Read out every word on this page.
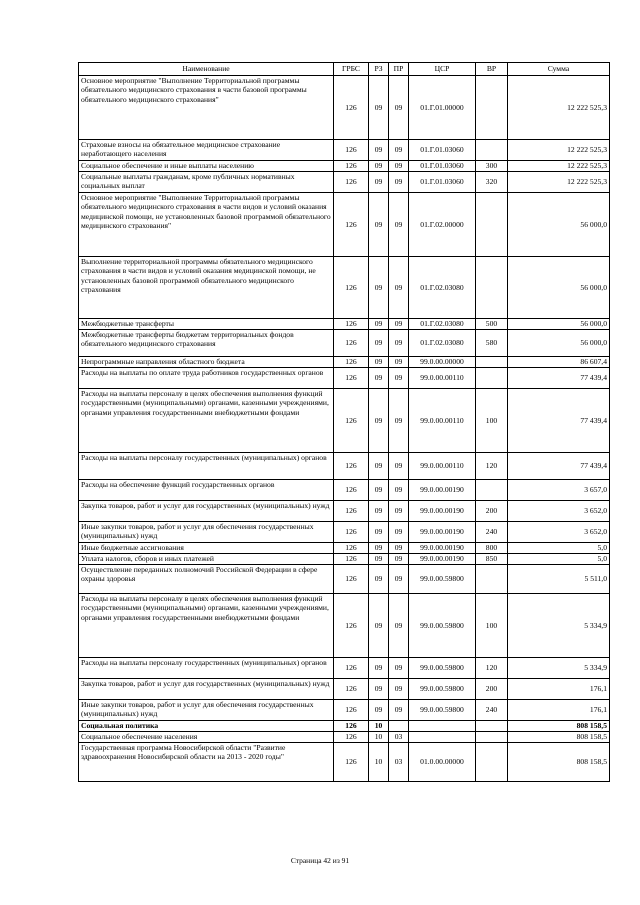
Наименование	ГРБС	РЗ	ПР	ЦСР	ВР	Сумма
Основное мероприятие "Выполнение Территориальной программы обязательного медицинского страхования в части базовой программы обязательного медицинского страхования"	126	09	09	01.Г.01.00000		12 222 525,3
Страховые взносы на обязательное медицинское страхование неработающего населения	126	09	09	01.Г.01.03060		12 222 525,3
Социальное обеспечение и иные выплаты населению	126	09	09	01.Г.01.03060	300	12 222 525,3
Социальные выплаты гражданам, кроме публичных нормативных социальных выплат	126	09	09	01.Г.01.03060	320	12 222 525,3
Основное мероприятие "Выполнение Территориальной программы обязательного медицинского страхования в части видов и условий оказания медицинской помощи, не установленных базовой программой обязательного медицинского страхования"	126	09	09	01.Г.02.00000		56 000,0
Выполнение территориальной программы обязательного медицинского страхования в части видов и условий оказания медицинской помощи, не установленных базовой программой обязательного медицинского страхования	126	09	09	01.Г.02.03080		56 000,0
Межбюджетные трансферты	126	09	09	01.Г.02.03080	500	56 000,0
Межбюджетные трансферты бюджетам территориальных фондов обязательного медицинского страхования	126	09	09	01.Г.02.03080	580	56 000,0
Непрограммные направления областного бюджета	126	09	09	99.0.00.00000		86 607,4
Расходы на выплаты по оплате труда работников государственных органов	126	09	09	99.0.00.00110		77 439,4
Расходы на выплаты персоналу в целях обеспечения выполнения функций государственными (муниципальными) органами, казенными учреждениями, органами управления государственными внебюджетными фондами	126	09	09	99.0.00.00110	100	77 439,4
Расходы на выплаты персоналу государственных (муниципальных) органов	126	09	09	99.0.00.00110	120	77 439,4
Расходы на обеспечение функций государственных органов	126	09	09	99.0.00.00190		3 657,0
Закупка товаров, работ и услуг для государственных (муниципальных) нужд	126	09	09	99.0.00.00190	200	3 652,0
Иные закупки товаров, работ и услуг для обеспечения государственных (муниципальных) нужд	126	09	09	99.0.00.00190	240	3 652,0
Иные бюджетные ассигнования	126	09	09	99.0.00.00190	800	5,0
Уплата налогов, сборов и иных платежей	126	09	09	99.0.00.00190	850	5,0
Осуществление переданных полномочий Российской Федерации в сфере охраны здоровья	126	09	09	99.0.00.59800		5 511,0
Расходы на выплаты персоналу в целях обеспечения выполнения функций государственными (муниципальными) органами, казенными учреждениями, органами управления государственными внебюджетными фондами	126	09	09	99.0.00.59800	100	5 334,9
Расходы на выплаты персоналу государственных (муниципальных) органов	126	09	09	99.0.00.59800	120	5 334,9
Закупка товаров, работ и услуг для государственных (муниципальных) нужд	126	09	09	99.0.00.59800	200	176,1
Иные закупки товаров, работ и услуг для обеспечения государственных (муниципальных) нужд	126	09	09	99.0.00.59800	240	176,1
Социальная политика	126	10				808 158,5
Социальное обеспечение населения	126	10	03			808 158,5
Государственная программа Новосибирской области "Развитие здравоохранения Новосибирской области на 2013 - 2020 годы"	126	10	03	01.0.00.00000		808 158,5
Страница 42 из 91
